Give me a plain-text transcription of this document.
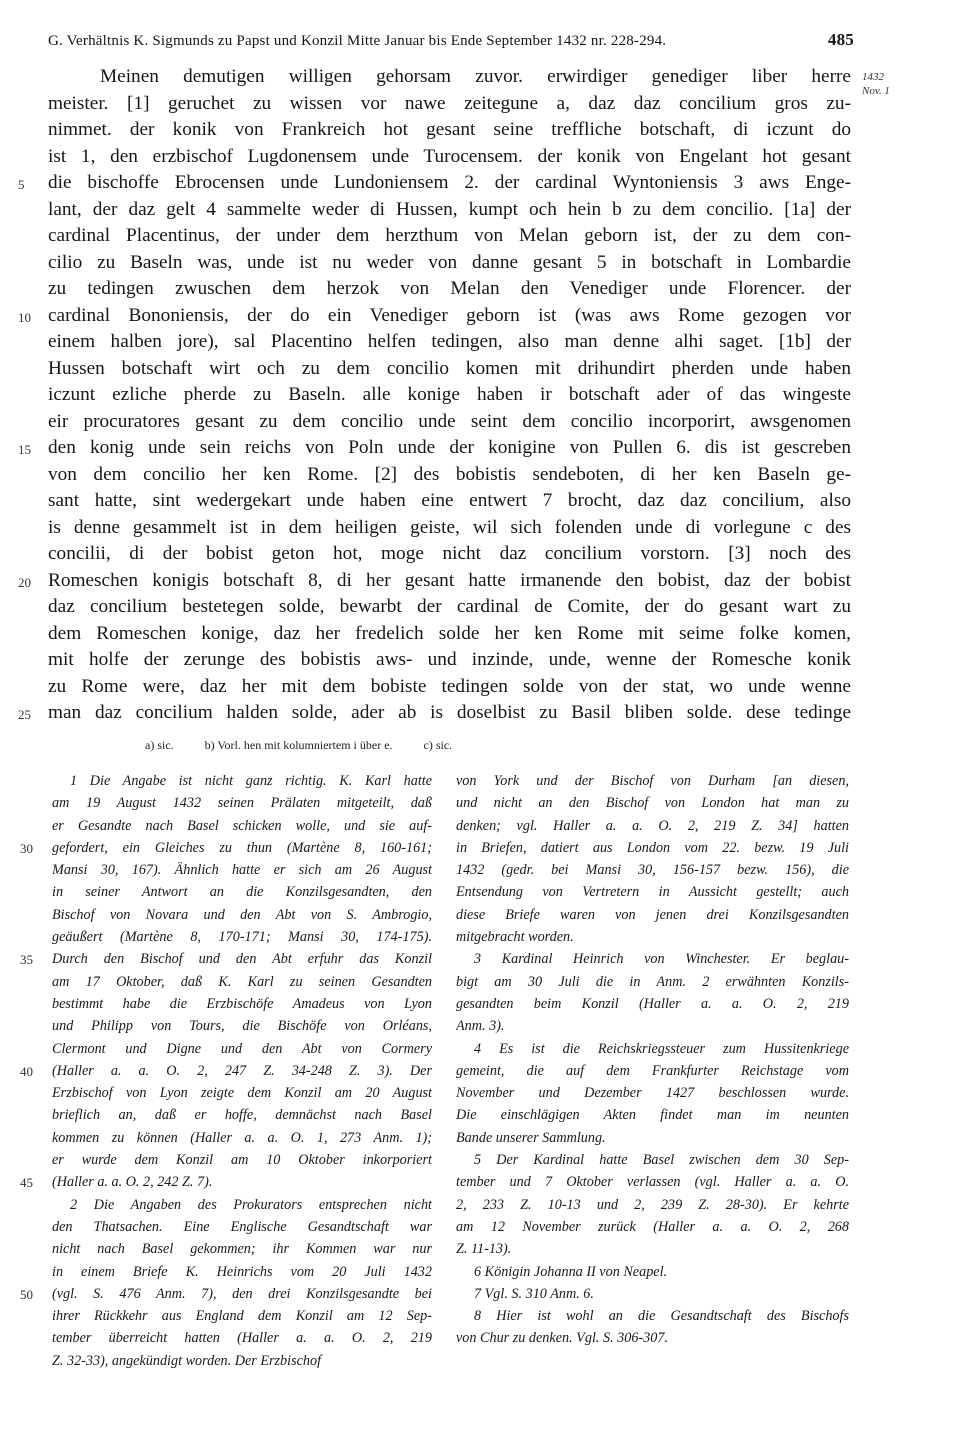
G. Verhältnis K. Sigmunds zu Papst und Konzil Mitte Januar bis Ende September 1432 nr. 228-294.	485
1432
Nov. 1
Meinen demutigen willigen gehorsam zuvor. erwirdiger genediger liber herre
meister. [1] geruchet zu wissen vor nawe zeitegune a, daz daz concilium gros zu-
nimmet. der konik von Frankreich hot gesant seine treffliche botschaft, di iczunt do
ist 1, den erzbischof Lugdonensem unde Turocensem. der konik von Engelant hot gesant
die bischoffe Ebrocensen unde Lundoniensem 2. der cardinal Wyntoniensis 3 aws Enge-
lant, der daz gelt 4 sammelte weder di Hussen, kumpt och hein b zu dem concilio. [1a] der
cardinal Placentinus, der under dem herzthum von Melan geborn ist, der zu dem con-
cilio zu Baseln was, unde ist nu weder von danne gesant 5 in botschaft in Lombardie
zu tedingen zwuschen dem herzok von Melan den Venediger unde Florencer. der
cardinal Bononiensis, der do ein Venediger geborn ist (was aws Rome gezogen vor
einem halben jore), sal Placentino helfen tedingen, also man denne alhi saget. [1b] der
Hussen botschaft wirt och zu dem concilio komen mit drihundirt pherden unde haben
iczunt ezliche pherde zu Baseln. alle konige haben ir botschaft ader of das wingeste
eir procuratores gesant zu dem concilio unde seint dem concilio incorporirt, awsgenomen
den konig unde sein reichs von Poln unde der konigine von Pullen 6. dis ist gescreben
von dem concilio her ken Rome. [2] des bobistis sendeboten, di her ken Baseln ge-
sant hatte, sint wedergekart unde haben eine entwert 7 brocht, daz daz concilium, also
is denne gesammelt ist in dem heiligen geiste, wil sich folenden unde di vorlegune c des
concilii, di der bobist geton hot, moge nicht daz concilium vorstorn. [3] noch des
Romeschen konigis botschaft 8, di her gesant hatte irmanende den bobist, daz der bobist
daz concilium bestetegen solde, bewarbt der cardinal de Comite, der do gesant wart zu
dem Romeschen konige, daz her fredelich solde her ken Rome mit seime folke komen,
mit holfe der zerunge des bobistis aws- und inzinde, unde, wenne der Romesche konik
zu Rome were, daz her mit dem bobiste tedingen solde von der stat, wo unde wenne
man daz concilium halden solde, ader ab is doselbist zu Basil bliben solde. dese tedinge
5
10
15
20
25
a) sic.	b) Vorl. hen mit kolumniertem i über e.	c) sic.
1 Die Angabe ist nicht ganz richtig. K. Karl hatte
am 19 August 1432 seinen Prälaten mitgeteilt, daß
er Gesandte nach Basel schicken wolle, und sie auf-
gefordert, ein Gleiches zu thun (Martène 8, 160-161;
Mansi 30, 167). Ähnlich hatte er sich am 26 August
in seiner Antwort an die Konzilsgesandten, den
Bischof von Novara und den Abt von S. Ambrogio,
geäußert (Martène 8, 170-171; Mansi 30, 174-175).
Durch den Bischof und den Abt erfuhr das Konzil
am 17 Oktober, daß K. Karl zu seinen Gesandten
bestimmt habe die Erzbischöfe Amadeus von Lyon
und Philipp von Tours, die Bischöfe von Orléans,
Clermont und Digne und den Abt von Cormery
(Haller a. a. O. 2, 247 Z. 34-248 Z. 3). Der
Erzbischof von Lyon zeigte dem Konzil am 20 August
brieflich an, daß er hoffe, demnächst nach Basel
kommen zu können (Haller a. a. O. 1, 273 Anm. 1);
er wurde dem Konzil am 10 Oktober inkorporiert
(Haller a. a. O. 2, 242 Z. 7).
2 Die Angaben des Prokurators entsprechen nicht
den Thatsachen. Eine Englische Gesandtschaft war
nicht nach Basel gekommen; ihr Kommen war nur
in einem Briefe K. Heinrichs vom 20 Juli 1432
(vgl. S. 476 Anm. 7), den drei Konzilsgesandte bei
ihrer Rückkehr aus England dem Konzil am 12 Sep-
tember überreicht hatten (Haller a. a. O. 2, 219
Z. 32-33), angekündigt worden. Der Erzbischof
30
35
40
45
50
von York und der Bischof von Durham [an diesen,
und nicht an den Bischof von London hat man zu
denken; vgl. Haller a. a. O. 2, 219 Z. 34] hatten
in Briefen, datiert aus London vom 22. bezw. 19 Juli
1432 (gedr. bei Mansi 30, 156-157 bezw. 156), die
Entsendung von Vertretern in Aussicht gestellt; auch
diese Briefe waren von jenen drei Konzilsgesandten
mitgebracht worden.
3 Kardinal Heinrich von Winchester. Er beglau-
bigt am 30 Juli die in Anm. 2 erwähnten Konzils-
gesandten beim Konzil (Haller a. a. O. 2, 219
Anm. 3).
4 Es ist die Reichskriegssteuer zum Hussitenkriege
gemeint, die auf dem Frankfurter Reichstage vom
November und Dezember 1427 beschlossen wurde.
Die einschlägigen Akten findet man im neunten
Bande unserer Sammlung.
5 Der Kardinal hatte Basel zwischen dem 30 Sep-
tember und 7 Oktober verlassen (vgl. Haller a. a. O.
2, 233 Z. 10-13 und 2, 239 Z. 28-30). Er kehrte
am 12 November zurück (Haller a. a. O. 2, 268
Z. 11-13).
6 Königin Johanna II von Neapel.
7 Vgl. S. 310 Anm. 6.
8 Hier ist wohl an die Gesandtschaft des Bischofs
von Chur zu denken. Vgl. S. 306-307.
